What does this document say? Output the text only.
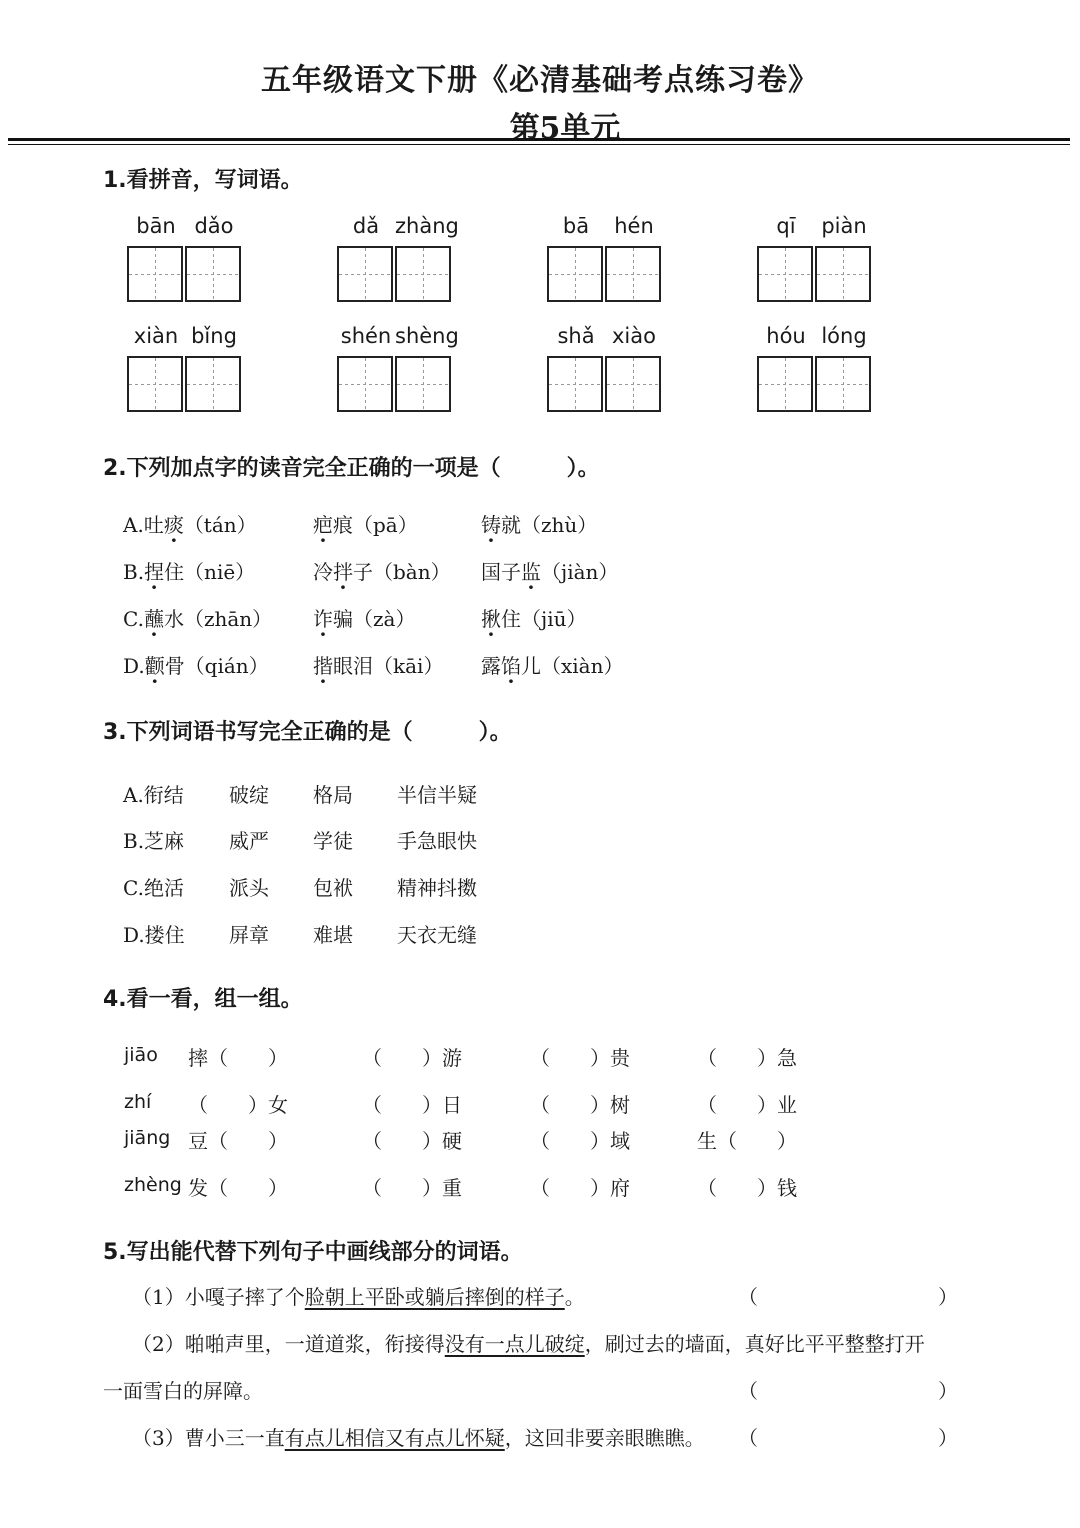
五年级语文下册《必清基础考点练习卷》
第5单元
1.看拼音，写词语。
bān dǎo	dǎ zhàng	bā	hén	qī	piàn
xiàn bǐng	shén shèng	shǎ xiào	hóu lóng
2.下列加点字的读音完全正确的一项是（　　　）。
A.吐痰（tán）	疤痕（pā）	铸就（zhù）
B.捏住（niē）	冷拌子（bàn） 国子监（jiàn）
C.蘸水（zhān） 诈骗（zà）	揪住（jiū）
D.颧骨（qián） 揩眼泪（kāi） 露馅儿（xiàn）
3.下列词语书写完全正确的是（　　　）。
A.衔结 破绽 格局 半信半疑
B.芝麻 威严 学徒 手急眼快
C.绝活 派头 包袱 精神抖擞
D.搂住 屏章 难堪 天衣无缝
4.看一看，组一组。
jiāo 摔（　　）	（　　）游	（　　）贵	（　　）急
zhí （　　）女	（　　）日	（　　）树	（　　）业
jiāng 豆（　　）	（　　）硬	（　　）域	生（　　）
zhèng 发（　　）	（　　）重	（　　）府	（　　）钱
5.写出能代替下列句子中画线部分的词语。
（1）小嘎子摔了个脸朝上平卧或躺后摔倒的样子。	（　　　　　　　　　）
（2）啪啪声里，一道道浆，衔接得没有一点儿破绽，刷过去的墙面，真好比平平整整打开
一面雪白的屏障。	（　　　　　　　　　）
（3）曹小三一直有点儿相信又有点儿怀疑，这回非要亲眼瞧瞧。 （　　　　　　　　　）
